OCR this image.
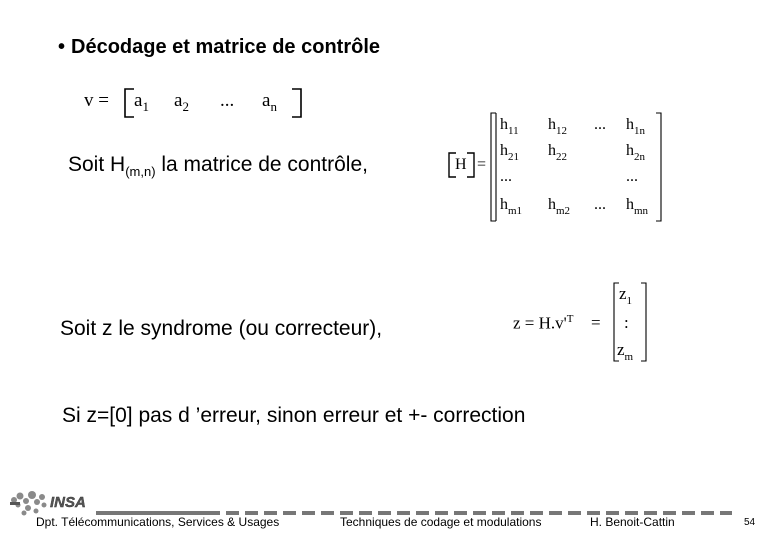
• Décodage et matrice de contrôle
$v = a_1$ $a_2$ ... $a_n$
Soit $H_{(m,n)}$ la matrice de contrôle,	H =
$h_{11}$ $h_{12}$ ... $h_{1n}$
$h_{21}$ $h_{22}$	$h_{2n}$
...	...
$h_{m1}$ $h_{m2}$ ... $h_{mn}$
Soit z le syndrome (ou correcteur),	$z = H.v'^T$ =
$z_1$
:
$z_m$
Si z=[0] pas d ’erreur, sinon erreur et +- correction
INSA
Dpt. Télécommunications, Services & Usages	Techniques de codage et modulations	H. Benoit-Cattin	54
